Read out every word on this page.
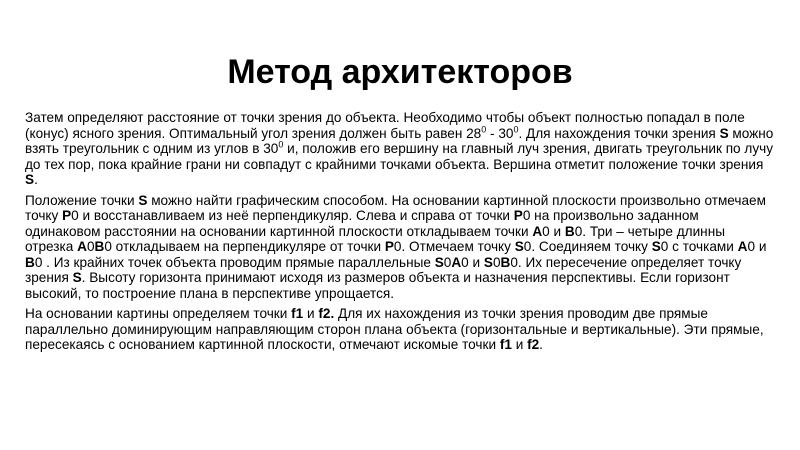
Метод архитекторов

Затем определяют расстояние от точки зрения до объекта. Необходимо чтобы объект полностью попадал в поле (конус) ясного зрения. Оптимальный угол зрения должен быть равен $28^0 - 30^0$. Для нахождения точки зрения S можно взять треугольник с одним из углов в $30^0$ и, положив его вершину на главный луч зрения, двигать треугольник по лучу до тех пор, пока крайние грани ни совпадут с крайними точками объекта. Вершина отметит положение точки зрения S.

Положение точки S можно найти графическим способом. На основании картинной плоскости произвольно отмечаем точку Р0 и восстанавливаем из неё перпендикуляр. Слева и справа от точки Р0 на произвольно заданном одинаковом расстоянии на основании картинной плоскости откладываем точки А0 и В0. Три – четыре длинны отрезка А0В0 откладываем на перпендикуляре от точки Р0. Отмечаем точку S0. Соединяем точку S0 с точками А0 и В0 . Из крайних точек объекта проводим прямые параллельные S0А0 и S0В0. Их пересечение определяет точку зрения S. Высоту горизонта принимают исходя из размеров объекта и назначения перспективы. Если горизонт высокий, то построение плана в перспективе упрощается.

На основании картины определяем точки f1 и f2. Для их нахождения из точки зрения проводим две прямые параллельно доминирующим направляющим сторон плана объекта (горизонтальные и вертикальные). Эти прямые, пересекаясь с основанием картинной плоскости, отмечают искомые точки f1 и f2.
